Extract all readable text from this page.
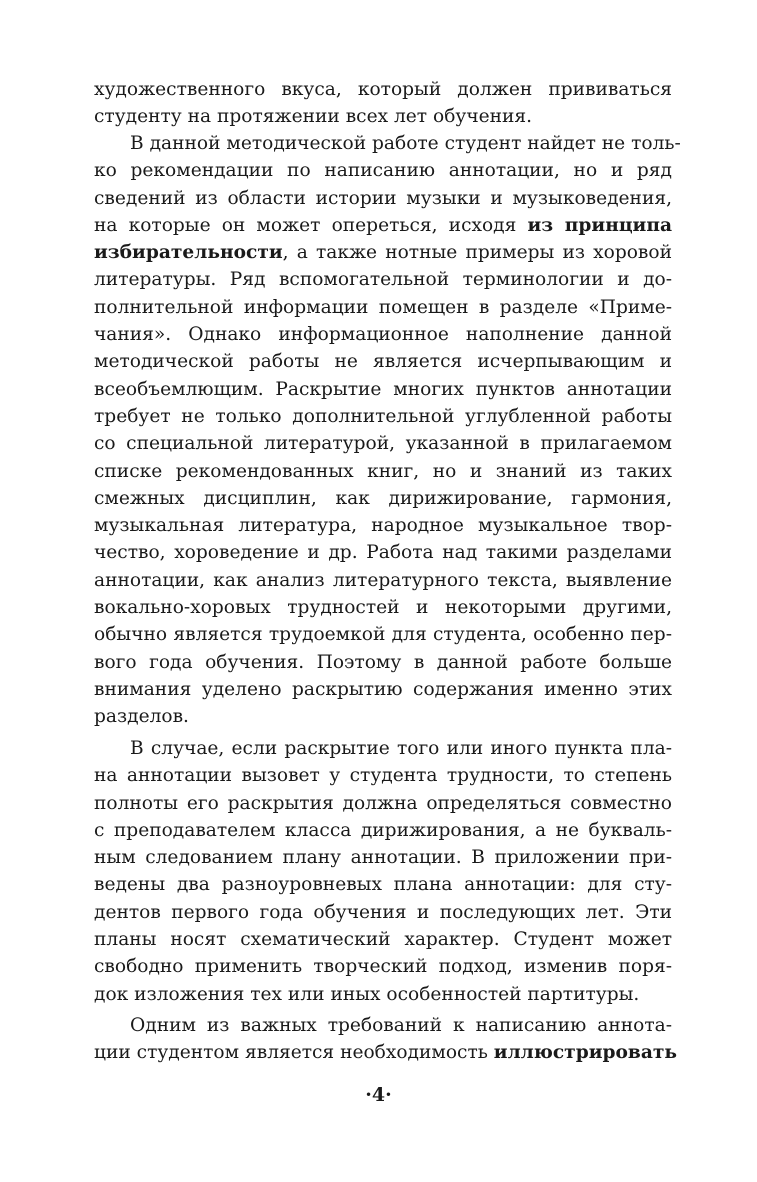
художественного вкуса, который должен прививаться
студенту на протяжении всех лет обучения.
В данной методической работе студент найдет не толь-
ко рекомендации по написанию аннотации, но и ряд
сведений из области истории музыки и музыковедения,
на которые он может опереться, исходя из принципа
избирательности, а также нотные примеры из хоровой
литературы. Ряд вспомогательной терминологии и до-
полнительной информации помещен в разделе «Приме-
чания». Однако информационное наполнение данной
методической работы не является исчерпывающим и
всеобъемлющим. Раскрытие многих пунктов аннотации
требует не только дополнительной углубленной работы
со специальной литературой, указанной в прилагаемом
списке рекомендованных книг, но и знаний из таких
смежных дисциплин, как дирижирование, гармония,
музыкальная литература, народное музыкальное твор-
чество, хороведение и др. Работа над такими разделами
аннотации, как анализ литературного текста, выявление
вокально-хоровых трудностей и некоторыми другими,
обычно является трудоемкой для студента, особенно пер-
вого года обучения. Поэтому в данной работе больше
внимания уделено раскрытию содержания именно этих
разделов.
В случае, если раскрытие того или иного пункта пла-
на аннотации вызовет у студента трудности, то степень
полноты его раскрытия должна определяться совместно
с преподавателем класса дирижирования, а не букваль-
ным следованием плану аннотации. В приложении при-
ведены два разноуровневых плана аннотации: для сту-
дентов первого года обучения и последующих лет. Эти
планы носят схематический характер. Студент может
свободно применить творческий подход, изменив поря-
док изложения тех или иных особенностей партитуры.
Одним из важных требований к написанию аннота-
ции студентом является необходимость иллюстрировать
·4·
